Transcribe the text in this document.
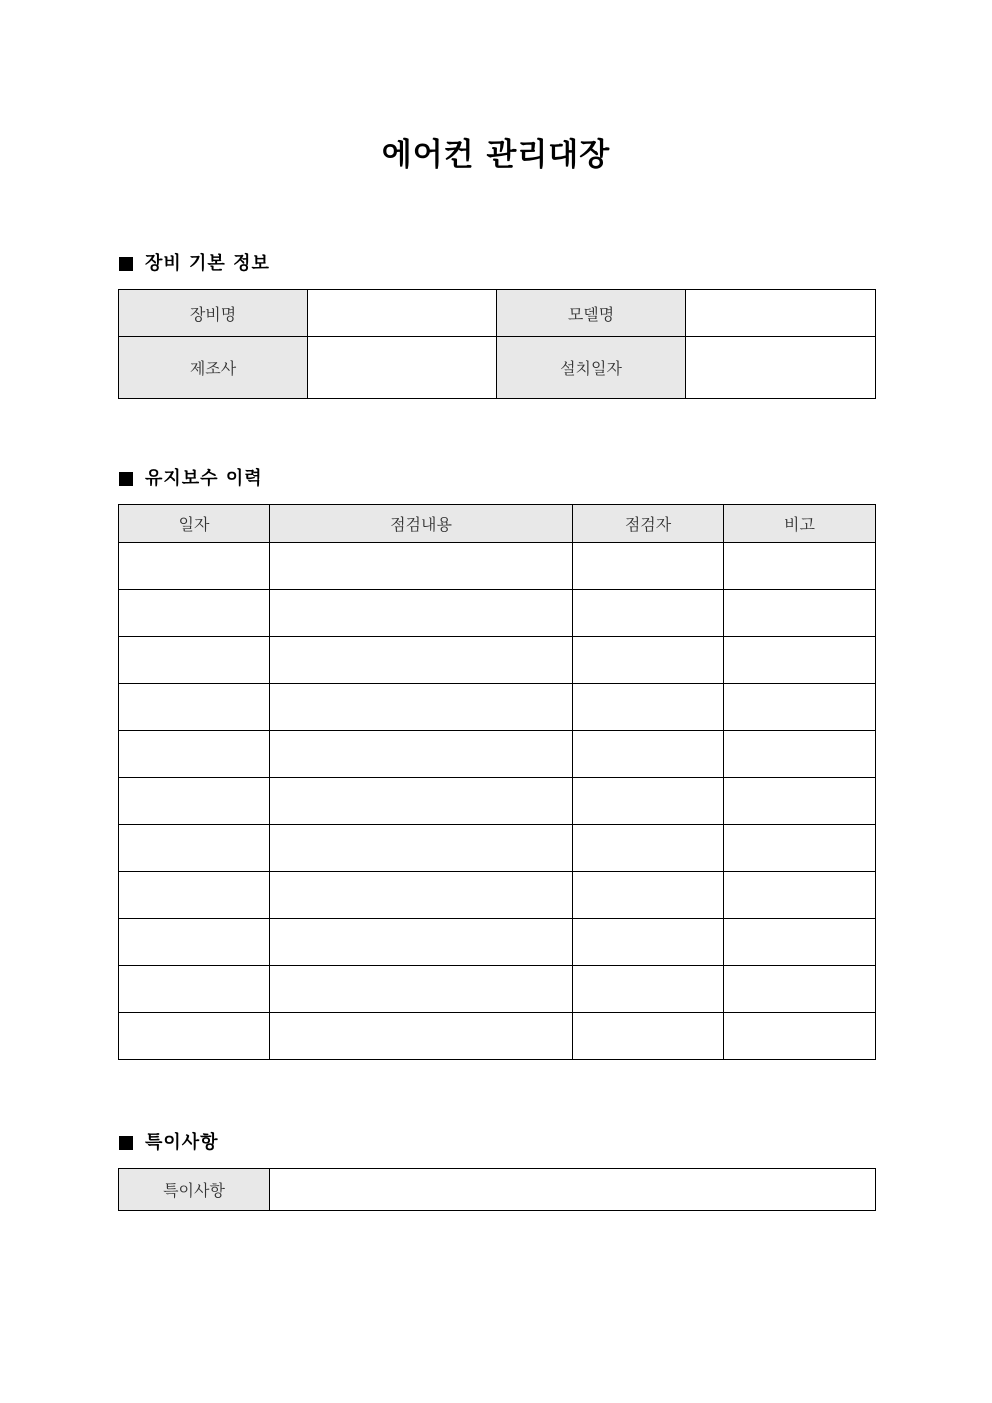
에어컨 관리대장
장비 기본 정보
장비명		모델명	
제조사		설치일자	
유지보수 이력
일자	점검내용	점검자	비고

특이사항
특이사항	
